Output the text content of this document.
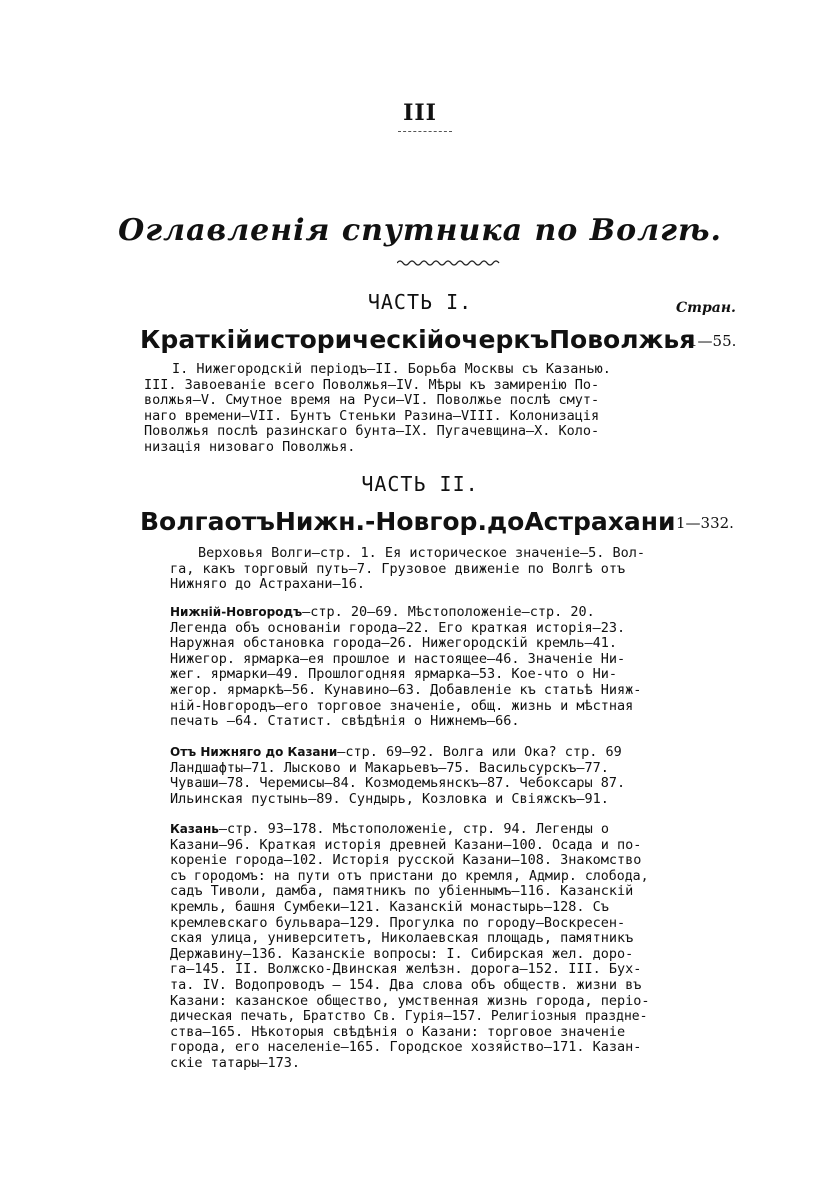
III
Оглавленія спутника по Волгѣ.
ЧАСТЬ I.	Стран.
Краткій историческій очеркъ Поволжья
1—55.
I. Нижегородскій періодъ—II. Борьба Москвы съ Казанью.
III. Завоеваніе всего Поволжья—IV. Мѣры къ замиренію По-
волжья—V. Смутное время на Руси—VI. Поволжье послѣ смут-
наго времени—VII. Бунтъ Стеньки Разина—VIII. Колонизація
Поволжья послѣ разинскаго бунта—IX. Пугачевщина—X. Коло-
низація низоваго Поволжья.
ЧАСТЬ II.
Волга отъ Нижн.-Новгор. до Астрахани 1—332.
Верховья Волги—стр. 1. Ея историческое значеніе—5. Вол-
га, какъ торговый путь—7. Грузовое движеніе по Волгѣ отъ
Нижняго до Астрахани—16.
Нижній-Новгородъ—стр. 20—69. Мѣстоположеніе—стр. 20.
Легенда объ основаніи города—22. Его краткая исторія—23.
Наружная обстановка города—26. Нижегородскій кремль—41.
Нижегор. ярмарка—ея прошлое и настоящее—46. Значеніе Ни-
жег. ярмарки—49. Прошлогодняя ярмарка—53. Кое-что о Ни-
жегор. ярмаркѣ—56. Кунавино—63. Добавленіе къ статьѣ Нияж-
ній-Новгородъ—его торговое значеніе, общ. жизнь и мѣстная
печать —64. Статист. свѣдѣнія о Нижнемъ—66.
Отъ Нижняго до Казани—стр. 69—92. Волга или Ока? стр. 69
Ландшафты—71. Лысково и Макарьевъ—75. Васильсурскъ—77.
Чуваши—78. Черемисы—84. Козмодемьянскъ—87. Чебоксары 87.
Ильинская пустынь—89. Сундырь, Козловка и Свіяжскъ—91.
Казань—стр. 93—178. Мѣстоположеніе, стр. 94. Легенды о
Казани—96. Краткая исторія древней Казани—100. Осада и по-
кореніе города—102. Исторія русской Казани—108. Знакомство
съ городомъ: на пути отъ пристани до кремля, Адмир. слобода,
садъ Тиволи, дамба, памятникъ по убіеннымъ—116. Казанскій
кремль, башня Сумбеки—121. Казанскій монастырь—128. Съ
кремлевскаго бульвара—129. Прогулка по городу—Воскресен-
ская улица, университетъ, Николаевская площадь, памятникъ
Державину—136. Казанскіе вопросы: I. Сибирская жел. доро-
га—145. II. Волжско-Двинская желѣзн. дорога—152. III. Бух-
та. IV. Водопроводъ — 154. Два слова объ обществ. жизни въ
Казани: казанское общество, умственная жизнь города, перiо-
дическая печать, Братство Св. Гурія—157. Религіозныя праздне-
ства—165. Нѣкоторыя свѣдѣнія о Казани: торговое значеніе
города, его населеніе—165. Городское хозяйство—171. Казан-
скіе татары—173.
